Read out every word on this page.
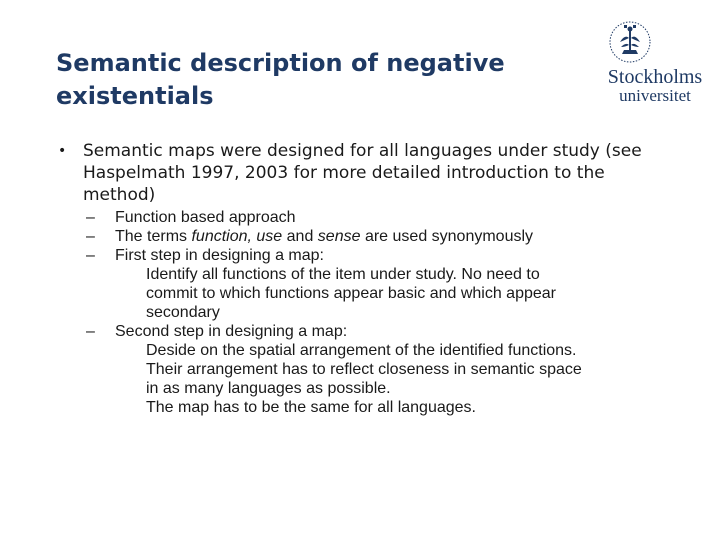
Semantic description of negative
existentials
Stockholms
universitet
• Semantic maps were designed for all languages under study (see Haspelmath 1997, 2003 for more detailed introduction to the method)
– Function based approach
– The terms function, use and sense are used synonymously
– First step in designing a map:
Identify all functions of the item under study. No need to
commit to which functions appear basic and which appear
secondary
– Second step in designing a map:
Deside on the spatial arrangement of the identified functions.
Their arrangement has to reflect closeness in semantic space
in as many languages as possible.
The map has to be the same for all languages.
